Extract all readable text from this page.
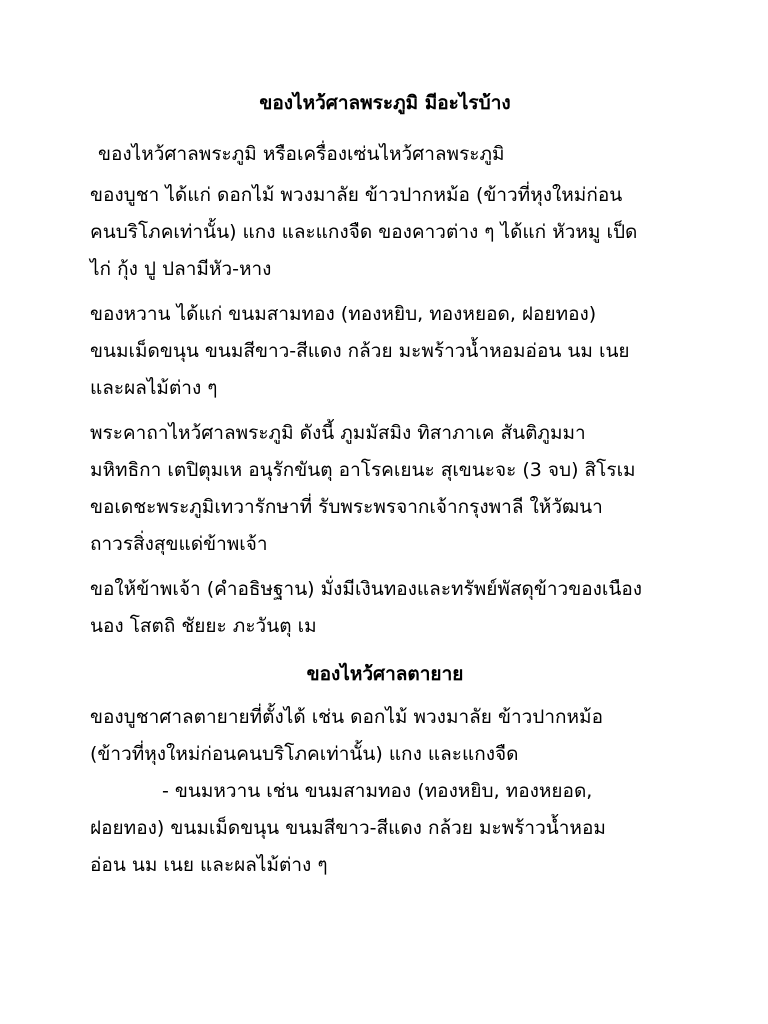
ของไหว้ศาลพระภูมิ มีอะไรบ้าง
ของไหว้ศาลพระภูมิ หรือเครื่องเซ่นไหว้ศาลพระภูมิ
ของบูชา ได้แก่ ดอกไม้ พวงมาลัย ข้าวปากหม้อ (ข้าวที่หุงใหม่ก่อน
คนบริโภคเท่านั้น) แกง และแกงจืด ของคาวต่าง ๆ ได้แก่ หัวหมู เป็ด
ไก่ กุ้ง ปู ปลามีหัว-หาง
ของหวาน ได้แก่ ขนมสามทอง (ทองหยิบ, ทองหยอด, ฝอยทอง)
ขนมเม็ดขนุน ขนมสีขาว-สีแดง กล้วย มะพร้าวน้ำหอมอ่อน นม เนย
และผลไม้ต่าง ๆ
พระคาถาไหว้ศาลพระภูมิ ดังนี้ ภูมมัสมิง ทิสาภาเค สันติภูมมา
มหิทธิกา เตปิตุมเห อนุรักขันตุ อาโรคเยนะ สุเขนะจะ (3 จบ) สิโรเม
ขอเดชะพระภูมิเทวารักษาที่ รับพระพรจากเจ้ากรุงพาลี ให้วัฒนา
ถาวรสิ่งสุขแด่ข้าพเจ้า
ขอให้ข้าพเจ้า (คำอธิษฐาน) มั่งมีเงินทองและทรัพย์พัสดุข้าวของเนือง
นอง โสตถิ ชัยยะ ภะวันตุ เม
ของไหว้ศาลตายาย
ของบูชาศาลตายายที่ตั้งได้ เช่น ดอกไม้ พวงมาลัย ข้าวปากหม้อ
(ข้าวที่หุงใหม่ก่อนคนบริโภคเท่านั้น) แกง และแกงจืด
- ขนมหวาน เช่น ขนมสามทอง (ทองหยิบ, ทองหยอด,
ฝอยทอง) ขนมเม็ดขนุน ขนมสีขาว-สีแดง กล้วย มะพร้าวน้ำหอม
อ่อน นม เนย และผลไม้ต่าง ๆ
